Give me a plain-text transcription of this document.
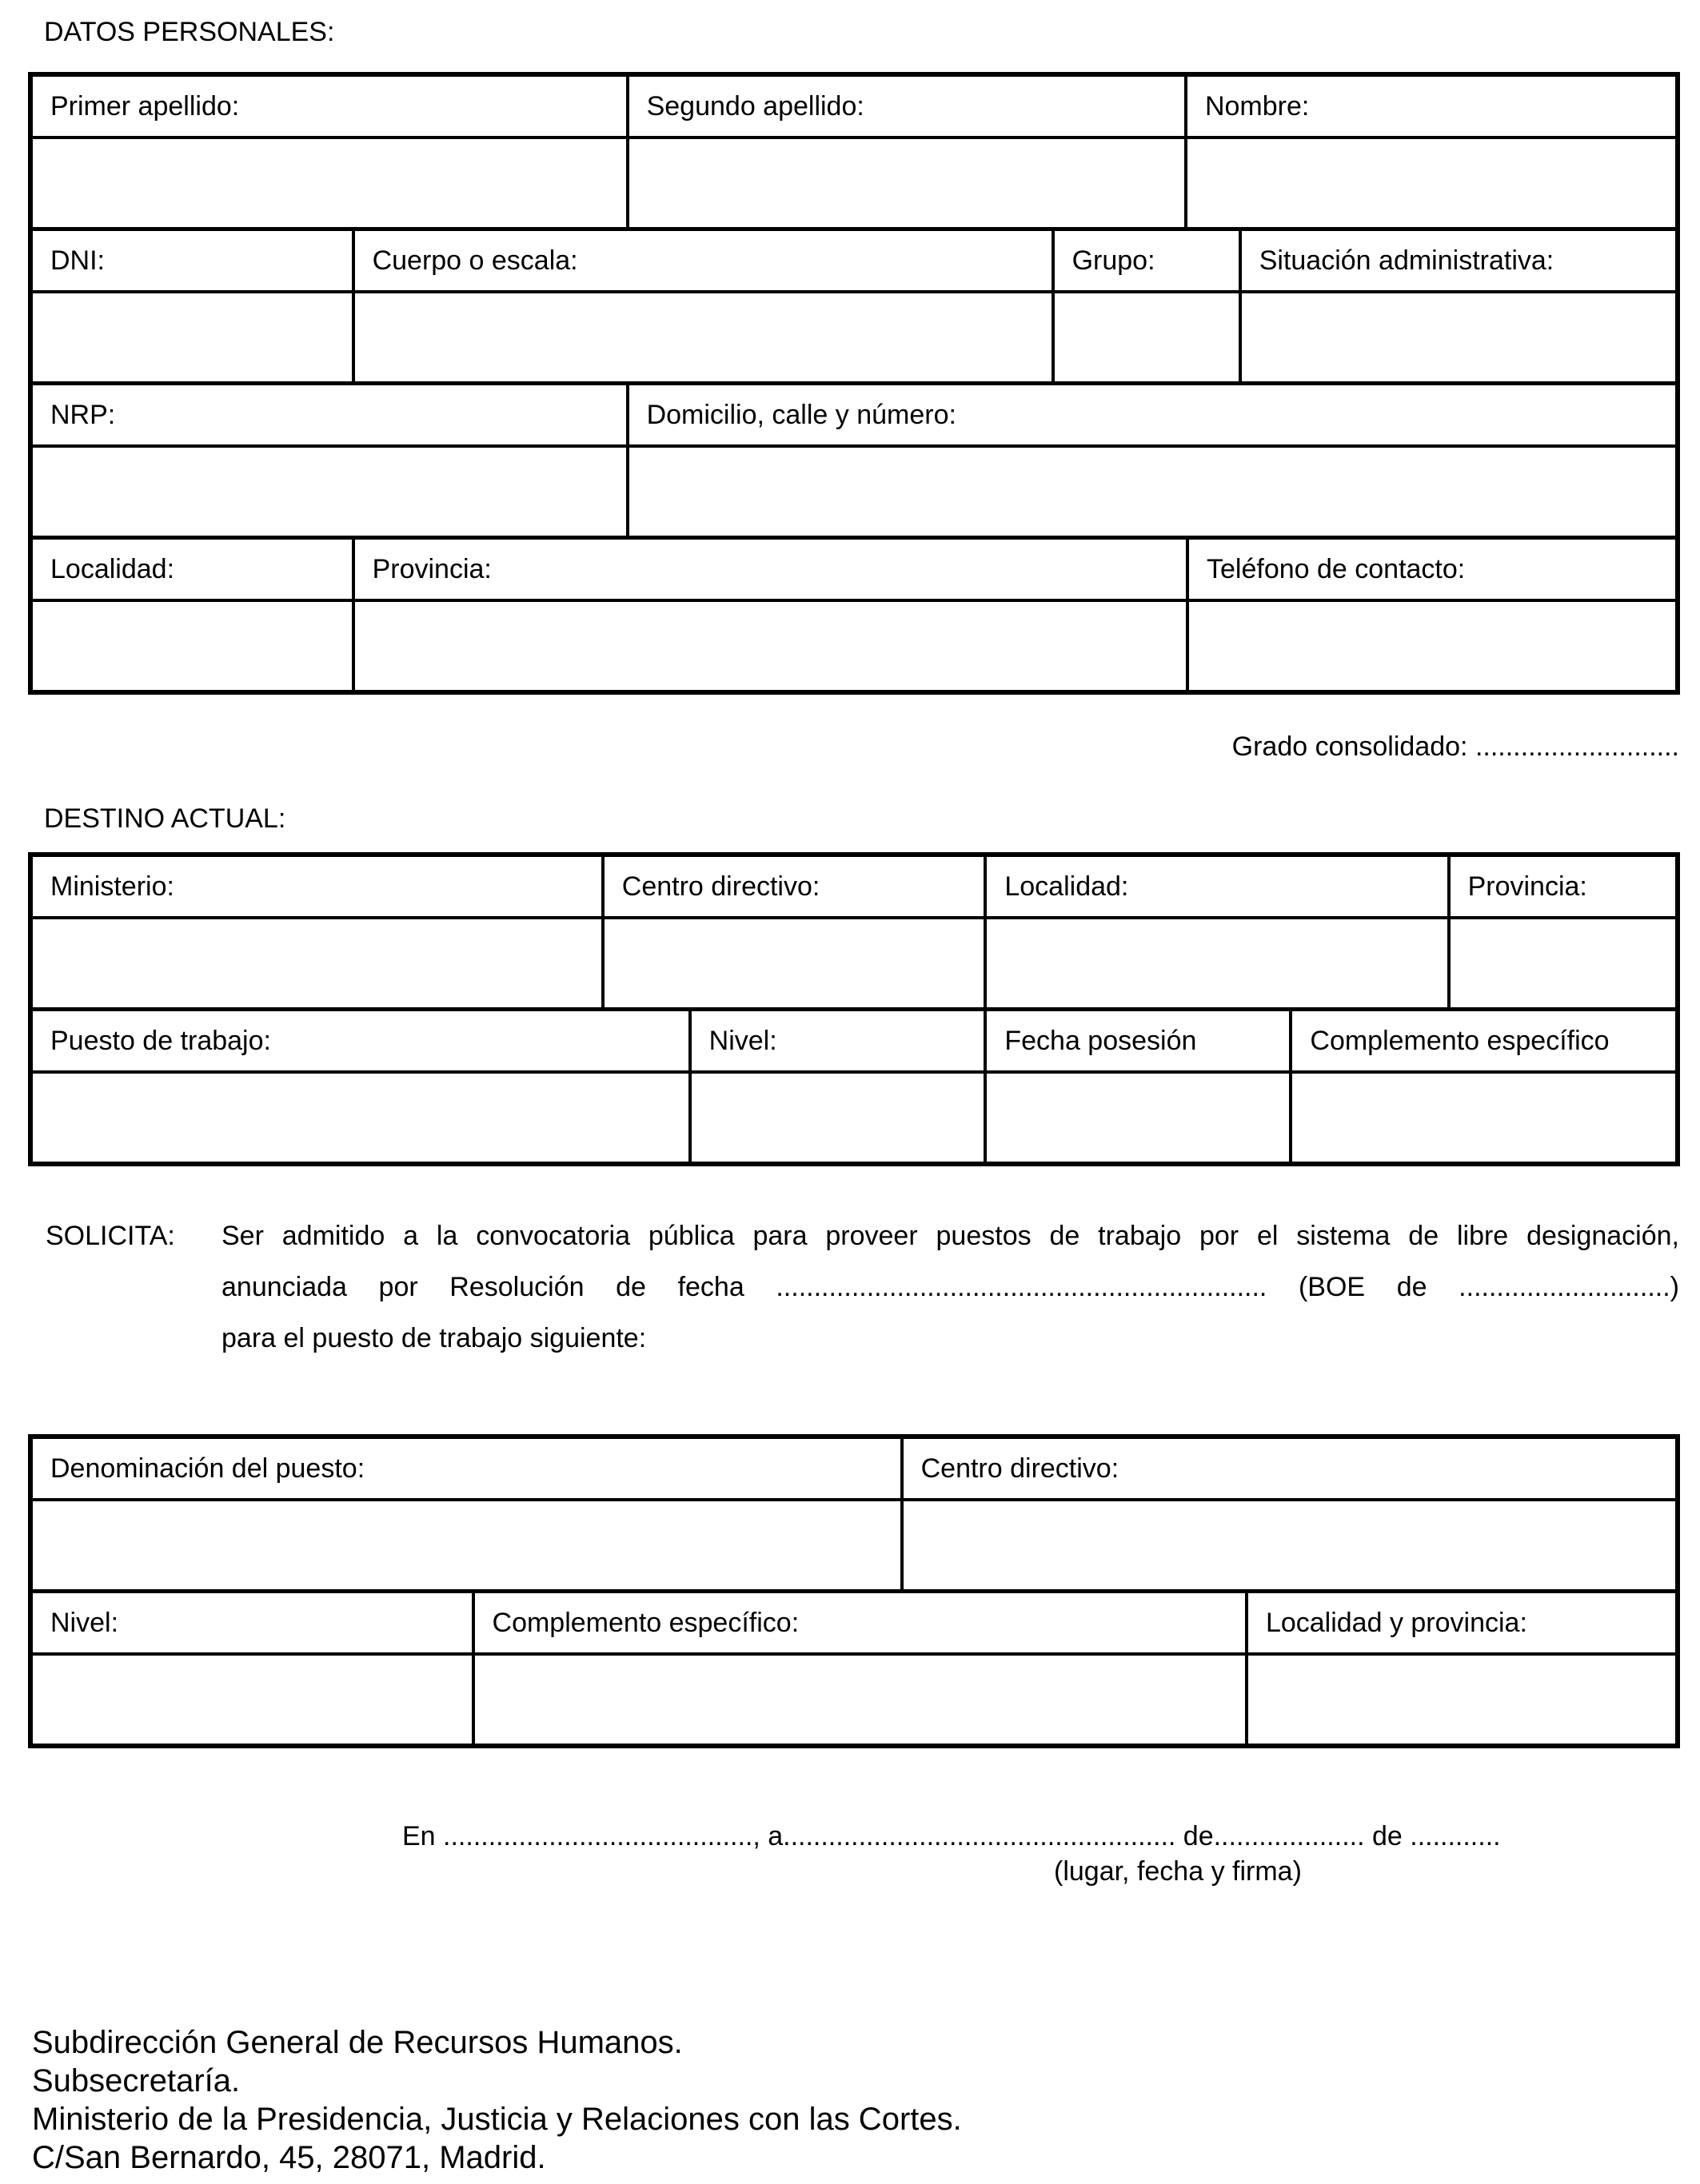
DATOS PERSONALES:
Primer apellido:	Segundo apellido:	Nombre:
DNI:	Cuerpo o escala:	Grupo:	Situación administrativa:
NRP:	Domicilio, calle y número:
Localidad:	Provincia:	Teléfono de contacto:
Grado consolidado: ...........................
DESTINO ACTUAL:
Ministerio:	Centro directivo:	Localidad:	Provincia:
Puesto de trabajo:	Nivel:	Fecha posesión	Complemento específico
SOLICITA:	Ser admitido a la convocatoria pública para proveer puestos de trabajo por el sistema de libre designación,
anunciada por Resolución de fecha ................................................................. (BOE de ............................)
para el puesto de trabajo siguiente:
Denominación del puesto:	Centro directivo:
Nivel:	Complemento específico:	Localidad y provincia:
En ........................................., a.................................................... de.................... de ............
(lugar, fecha y firma)
Subdirección General de Recursos Humanos.
Subsecretaría.
Ministerio de la Presidencia, Justicia y Relaciones con las Cortes.
C/San Bernardo, 45, 28071, Madrid.
